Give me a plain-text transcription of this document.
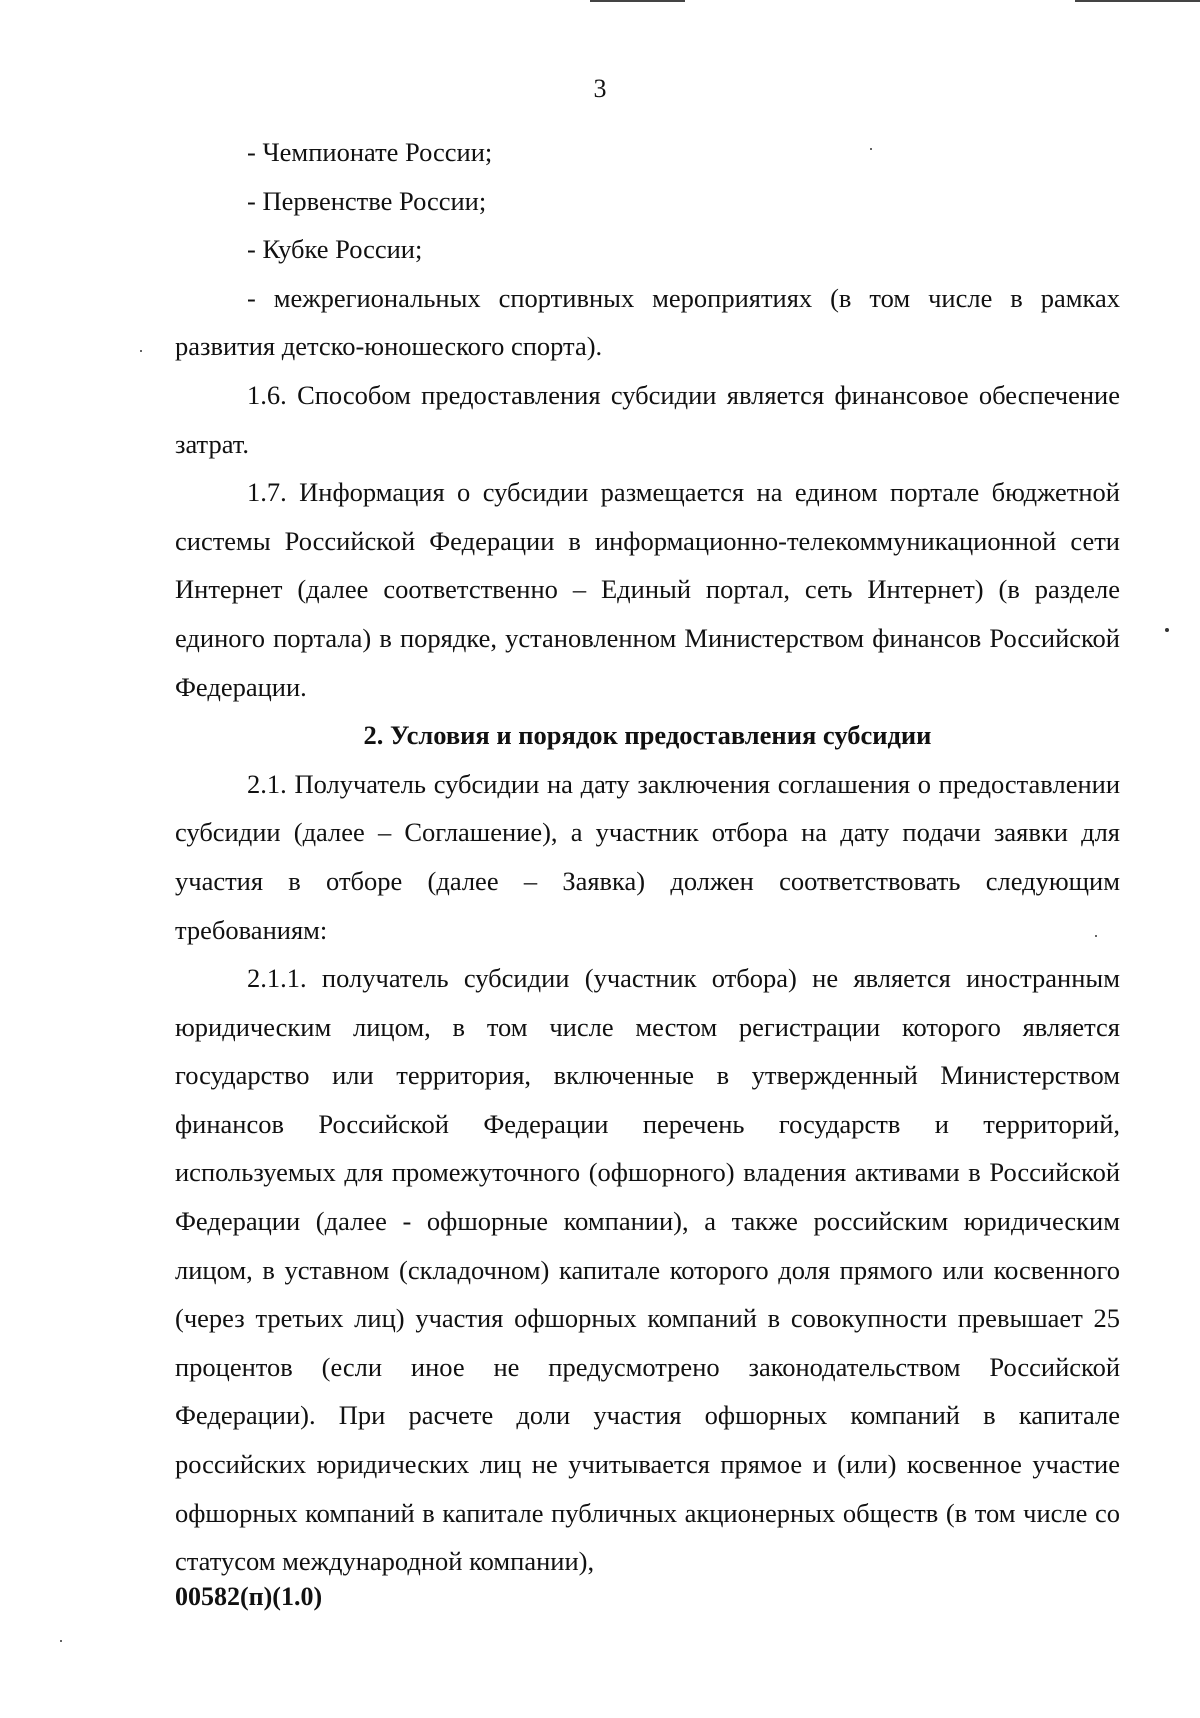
3

- Чемпионате России;

- Первенстве России;

- Кубке России;

- межрегиональных спортивных мероприятиях (в том числе в рамках развития детско-юношеского спорта).

1.6. Способом предоставления субсидии является финансовое обеспечение затрат.

1.7. Информация о субсидии размещается на едином портале бюджетной системы Российской Федерации в информационно-телекоммуникационной сети Интернет (далее соответственно – Единый портал, сеть Интернет) (в разделе единого портала) в порядке, установленном Министерством финансов Российской Федерации.

2. Условия и порядок предоставления субсидии

2.1. Получатель субсидии на дату заключения соглашения о предоставлении субсидии (далее – Соглашение), а участник отбора на дату подачи заявки для участия в отборе (далее – Заявка) должен соответствовать следующим требованиям:

2.1.1. получатель субсидии (участник отбора) не является иностранным юридическим лицом, в том числе местом регистрации которого является государство или территория, включенные в утвержденный Министерством финансов Российской Федерации перечень государств и территорий, используемых для промежуточного (офшорного) владения активами в Российской Федерации (далее - офшорные компании), а также российским юридическим лицом, в уставном (складочном) капитале которого доля прямого или косвенного (через третьих лиц) участия офшорных компаний в совокупности превышает 25 процентов (если иное не предусмотрено законодательством Российской Федерации). При расчете доли участия офшорных компаний в капитале российских юридических лиц не учитывается прямое и (или) косвенное участие офшорных компаний в капитале публичных акционерных обществ (в том числе со статусом международной компании),

00582(п)(1.0)
